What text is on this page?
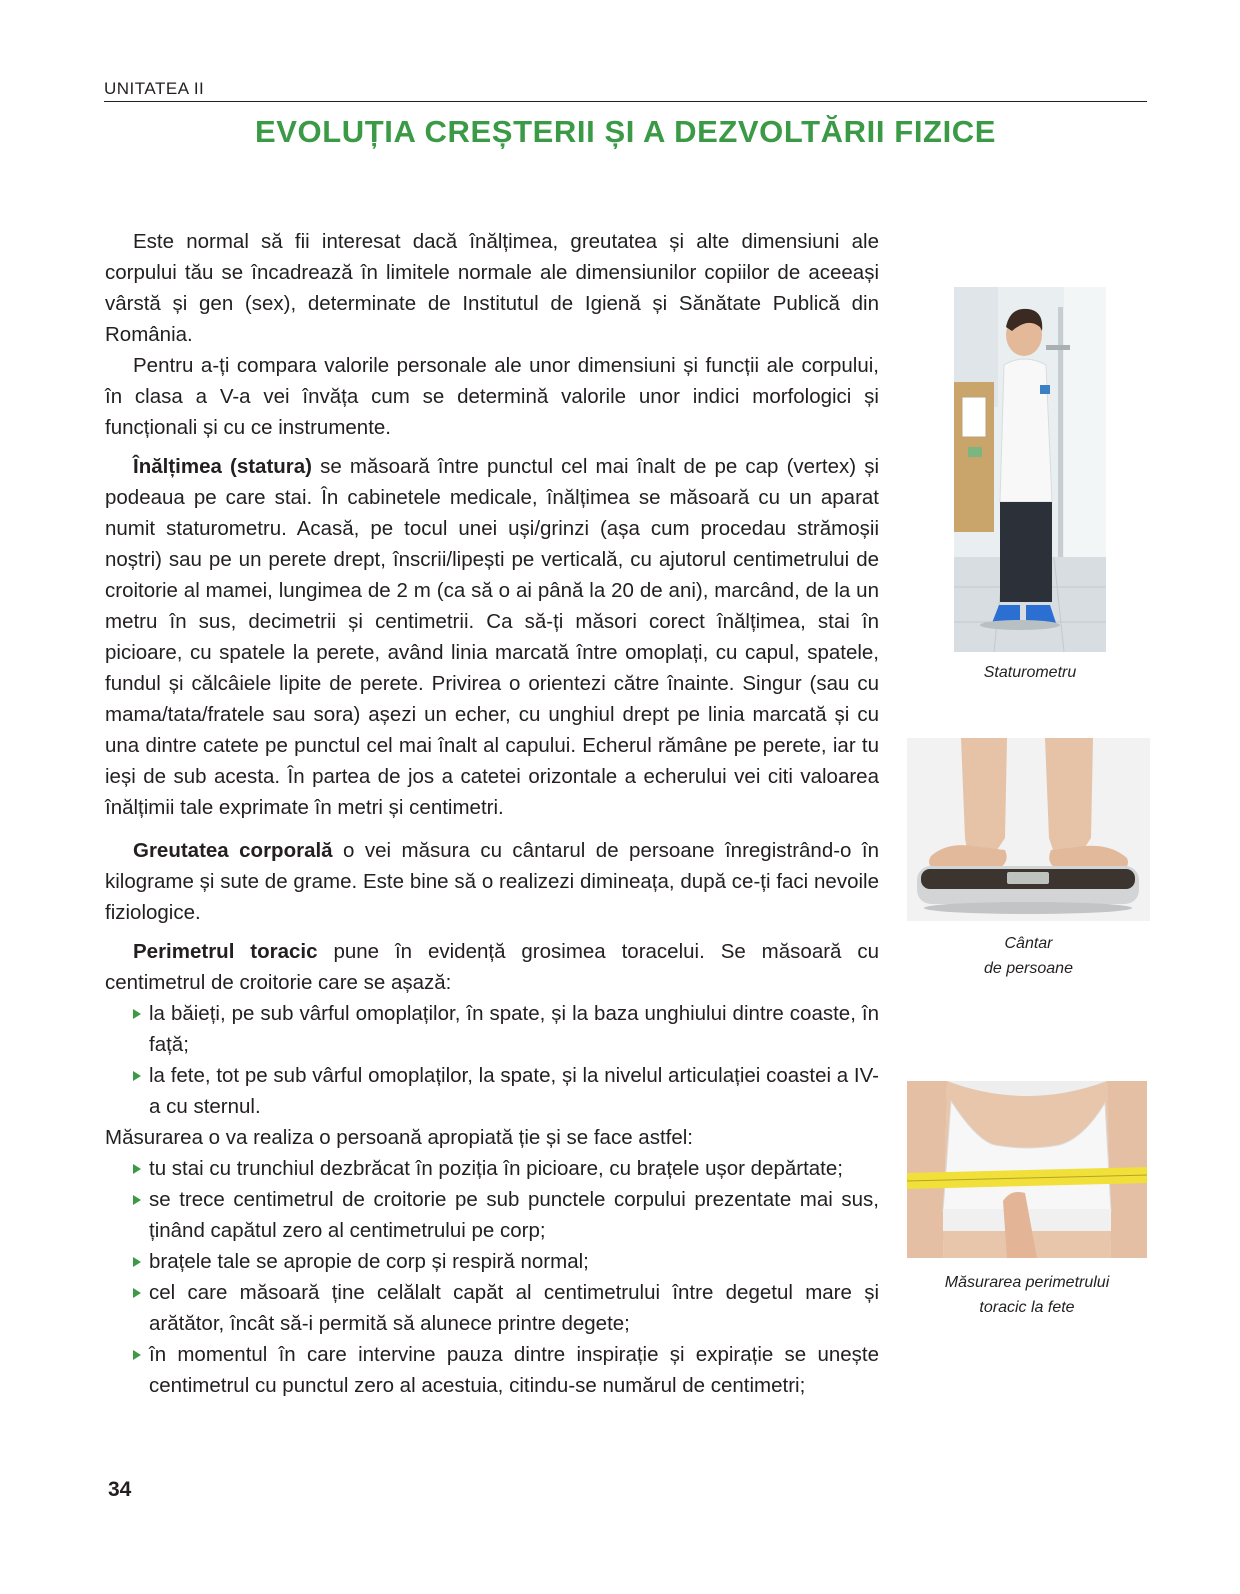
UNITATEA II
EVOLUȚIA CREȘTERII ȘI A DEZVOLTĂRII FIZICE

Este normal să fii interesat dacă înălțimea, greutatea și alte dimensiuni ale corpului tău se încadrează în limitele normale ale dimensiunilor copiilor de aceeași vârstă și gen (sex), determinate de Institutul de Igienă și Sănătate Publică din România.

Pentru a-ți compara valorile personale ale unor dimensiuni și funcții ale corpului, în clasa a V-a vei învăța cum se determină valorile unor indici morfologici și funcționali și cu ce instrumente.

Înălțimea (statura) se măsoară între punctul cel mai înalt de pe cap (vertex) și podeaua pe care stai. În cabinetele medicale, înălțimea se măsoară cu un aparat numit staturometru. Acasă, pe tocul unei uși/grinzi (așa cum procedau strămoșii noștri) sau pe un perete drept, înscrii/lipești pe verticală, cu ajutorul centimetrului de croitorie al mamei, lungimea de 2 m (ca să o ai până la 20 de ani), marcând, de la un metru în sus, decimetrii și centimetrii. Ca să-ți măsori corect înălțimea, stai în picioare, cu spatele la perete, având linia marcată între omoplați, cu capul, spatele, fundul și călcâiele lipite de perete. Privirea o orientezi către înainte. Singur (sau cu mama/tata/fratele sau sora) așezi un echer, cu unghiul drept pe linia marcată și cu una dintre catete pe punctul cel mai înalt al capului. Echerul rămâne pe perete, iar tu ieși de sub acesta. În partea de jos a catetei orizontale a echerului vei citi valoarea înălțimii tale exprimate în metri și centimetri.

Greutatea corporală o vei măsura cu cântarul de persoane înregistrând-o în kilograme și sute de grame. Este bine să o realizezi dimineața, după ce-ți faci nevoile fiziologice.

Perimetrul toracic pune în evidență grosimea toracelui. Se măsoară cu centimetrul de croitorie care se așază:

la băieți, pe sub vârful omoplaților, în spate, și la baza unghiului dintre coaste, în față;
la fete, tot pe sub vârful omoplaților, la spate, și la nivelul articulației coastei a IV-a cu sternul.

Măsurarea o va realiza o persoană apropiată ție și se face astfel:

tu stai cu trunchiul dezbrăcat în poziția în picioare, cu brațele ușor depărtate;
se trece centimetrul de croitorie pe sub punctele corpului prezentate mai sus, ținând capătul zero al centimetrului pe corp;
brațele tale se apropie de corp și respiră normal;
cel care măsoară ține celălalt capăt al centimetrului între degetul mare și arătător, încât să-i permită să alunece printre degete;
în momentul în care intervine pauza dintre inspirație și expirație se unește centimetrul cu punctul zero al acestuia, citindu-se numărul de centimetri;
Staturometru
Cântar
de persoane
Măsurarea perimetrului
toracic la fete
34
